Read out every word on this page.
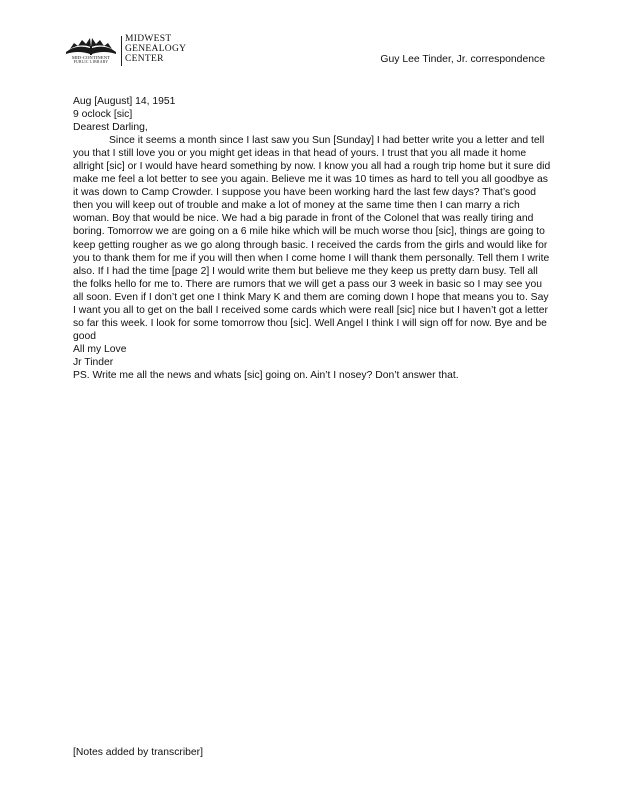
MID-CONTINENT
PUBLIC LIBRARY
MIDWEST
GENEALOGY
CENTER	Guy Lee Tinder, Jr. correspondence
Aug [August] 14, 1951
9 oclock [sic]
Dearest Darling,

Since it seems a month since I last saw you Sun [Sunday] I had better write you a letter and tell you that I still love you or you might get ideas in that head of yours. I trust that you all made it home allright [sic] or I would have heard something by now. I know you all had a rough trip home but it sure did make me feel a lot better to see you again. Believe me it was 10 times as hard to tell you all goodbye as it was down to Camp Crowder. I suppose you have been working hard the last few days? That’s good then you will keep out of trouble and make a lot of money at the same time then I can marry a rich woman. Boy that would be nice. We had a big parade in front of the Colonel that was really tiring and boring. Tomorrow we are going on a 6 mile hike which will be much worse thou [sic], things are going to keep getting rougher as we go along through basic. I received the cards from the girls and would like for you to thank them for me if you will then when I come home I will thank them personally. Tell them I write also. If I had the time [page 2] I would write them but believe me they keep us pretty darn busy. Tell all the folks hello for me to. There are rumors that we will get a pass our 3 week in basic so I may see you all soon. Even if I don’t get one I think Mary K and them are coming down I hope that means you to. Say I want you all to get on the ball I received some cards which were reall [sic] nice but I haven’t got a letter so far this week. I look for some tomorrow thou [sic]. Well Angel I think I will sign off for now. Bye and be good

All my Love
Jr Tinder
PS. Write me all the news and whats [sic] going on. Ain’t I nosey? Don’t answer that.
[Notes added by transcriber]
